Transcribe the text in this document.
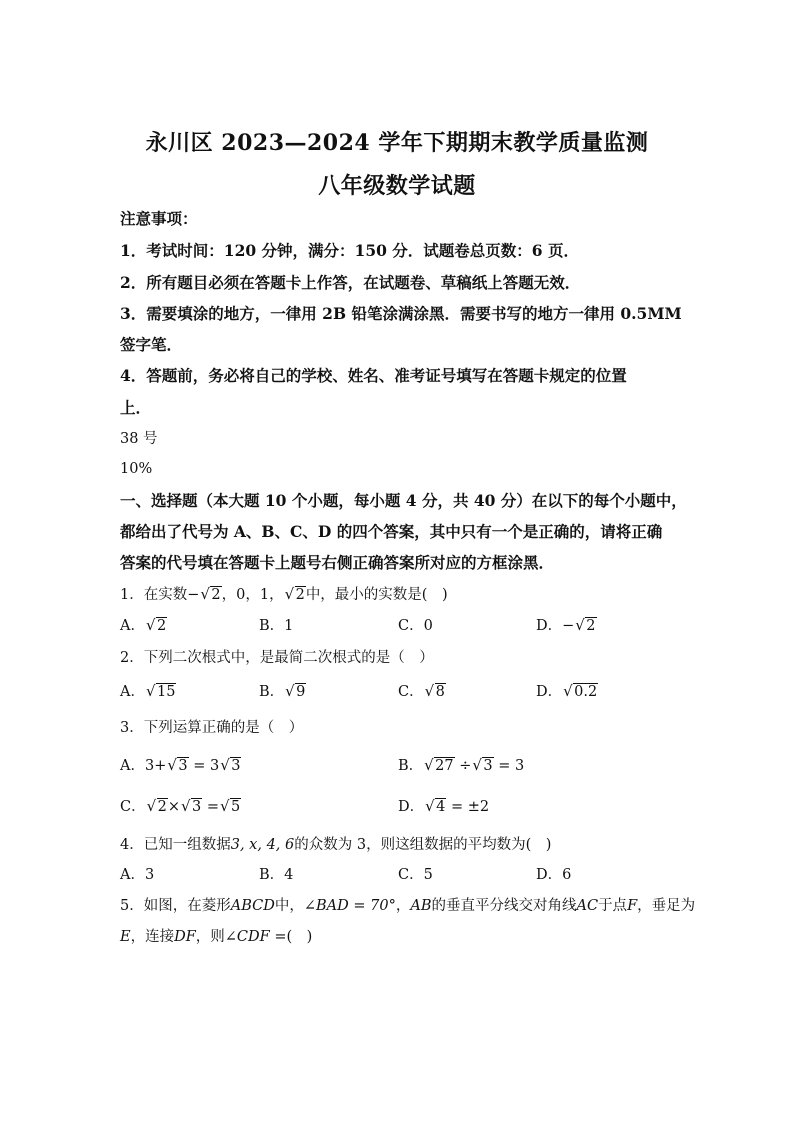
永川区 2023—2024 学年下期期末教学质量监测
八年级数学试题
注意事项：
1．考试时间：120 分钟，满分：150 分．试题卷总页数：6 页．
2．所有题目必须在答题卡上作答，在试题卷、草稿纸上答题无效．
3．需要填涂的地方，一律用 2B 铅笔涂满涂黑．需要书写的地方一律用 0.5MM
签字笔．
4．答题前，务必将自己的学校、姓名、准考证号填写在答题卡规定的位置
上．
38 号
10%
一、选择题（本大题 10 个小题，每小题 4 分，共 40 分）在以下的每个小题中，
都给出了代号为 A、B、C、D 的四个答案，其中只有一个是正确的，请将正确
答案的代号填在答题卡上题号右侧正确答案所对应的方框涂黑．
1．在实数− √ 2，0，1， √ 2中，最小的实数是(　)
A． √ 2	B．1	C．0	D．− √ 2
2．下列二次根式中，是最简二次根式的是（　）
A． √ 15	B． √ 9	C． √ 8	D． √ 0.2
3．下列运算正确的是（　）
A．3+ √ 3 = 3 √ 3	B． √ 27 ÷ √ 3 = 3
C． √ 2× √ 3 = √ 5	D． √ 4 = ±2
4．已知一组数据3, x, 4, 6的众数为 3，则这组数据的平均数为(　)
A．3	B．4	C．5	D．6
5．如图，在菱形ABCD中，∠BAD = 70°，AB的垂直平分线交对角线AC于点F，垂足为
E，连接DF，则∠CDF =(　)
